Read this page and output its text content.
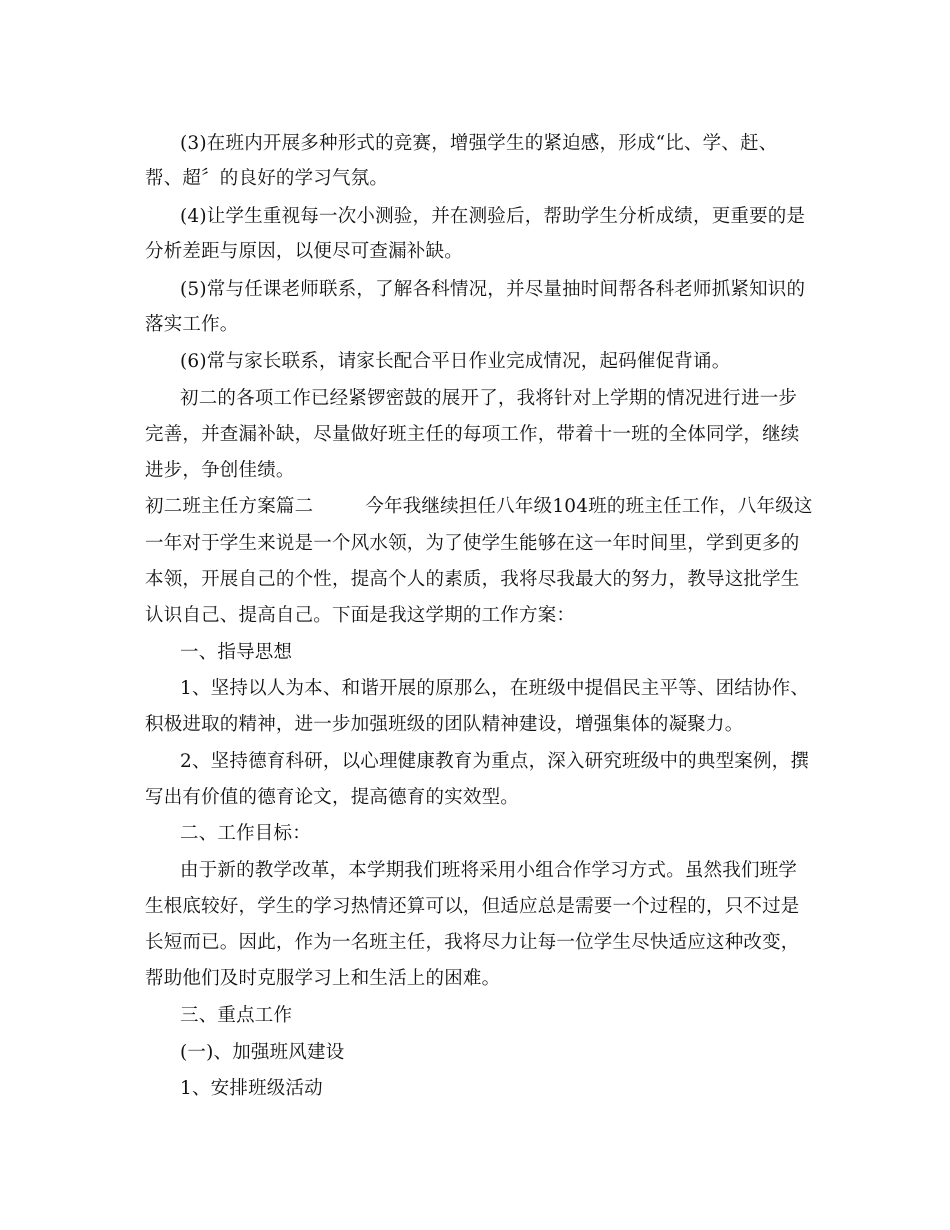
(3)在班内开展多种形式的竞赛，增强学生的紧迫感，形成“比、学、赶、
帮、超〞的良好的学习气氛。
(4)让学生重视每一次小测验，并在测验后，帮助学生分析成绩，更重要的是
分析差距与原因，以便尽可查漏补缺。
(5)常与任课老师联系，了解各科情况，并尽量抽时间帮各科老师抓紧知识的
落实工作。
(6)常与家长联系，请家长配合平日作业完成情况，起码催促背诵。
初二的各项工作已经紧锣密鼓的展开了，我将针对上学期的情况进行进一步
完善，并查漏补缺，尽量做好班主任的每项工作，带着十一班的全体同学，继续
进步，争创佳绩。
初二班主任方案篇二	今年我继续担任八年级104班的班主任工作，八年级这
一年对于学生来说是一个风水领，为了使学生能够在这一年时间里，学到更多的
本领，开展自己的个性，提高个人的素质，我将尽我最大的努力，教导这批学生
认识自己、提高自己。下面是我这学期的工作方案：
一、指导思想
1、坚持以人为本、和谐开展的原那么，在班级中提倡民主平等、团结协作、
积极进取的精神，进一步加强班级的团队精神建设，增强集体的凝聚力。
2、坚持德育科研，以心理健康教育为重点，深入研究班级中的典型案例，撰
写出有价值的德育论文，提高德育的实效型。
二、工作目标：
由于新的教学改革，本学期我们班将采用小组合作学习方式。虽然我们班学
生根底较好，学生的学习热情还算可以，但适应总是需要一个过程的，只不过是
长短而已。因此，作为一名班主任，我将尽力让每一位学生尽快适应这种改变，
帮助他们及时克服学习上和生活上的困难。
三、重点工作
(一)、加强班风建设
1、安排班级活动
